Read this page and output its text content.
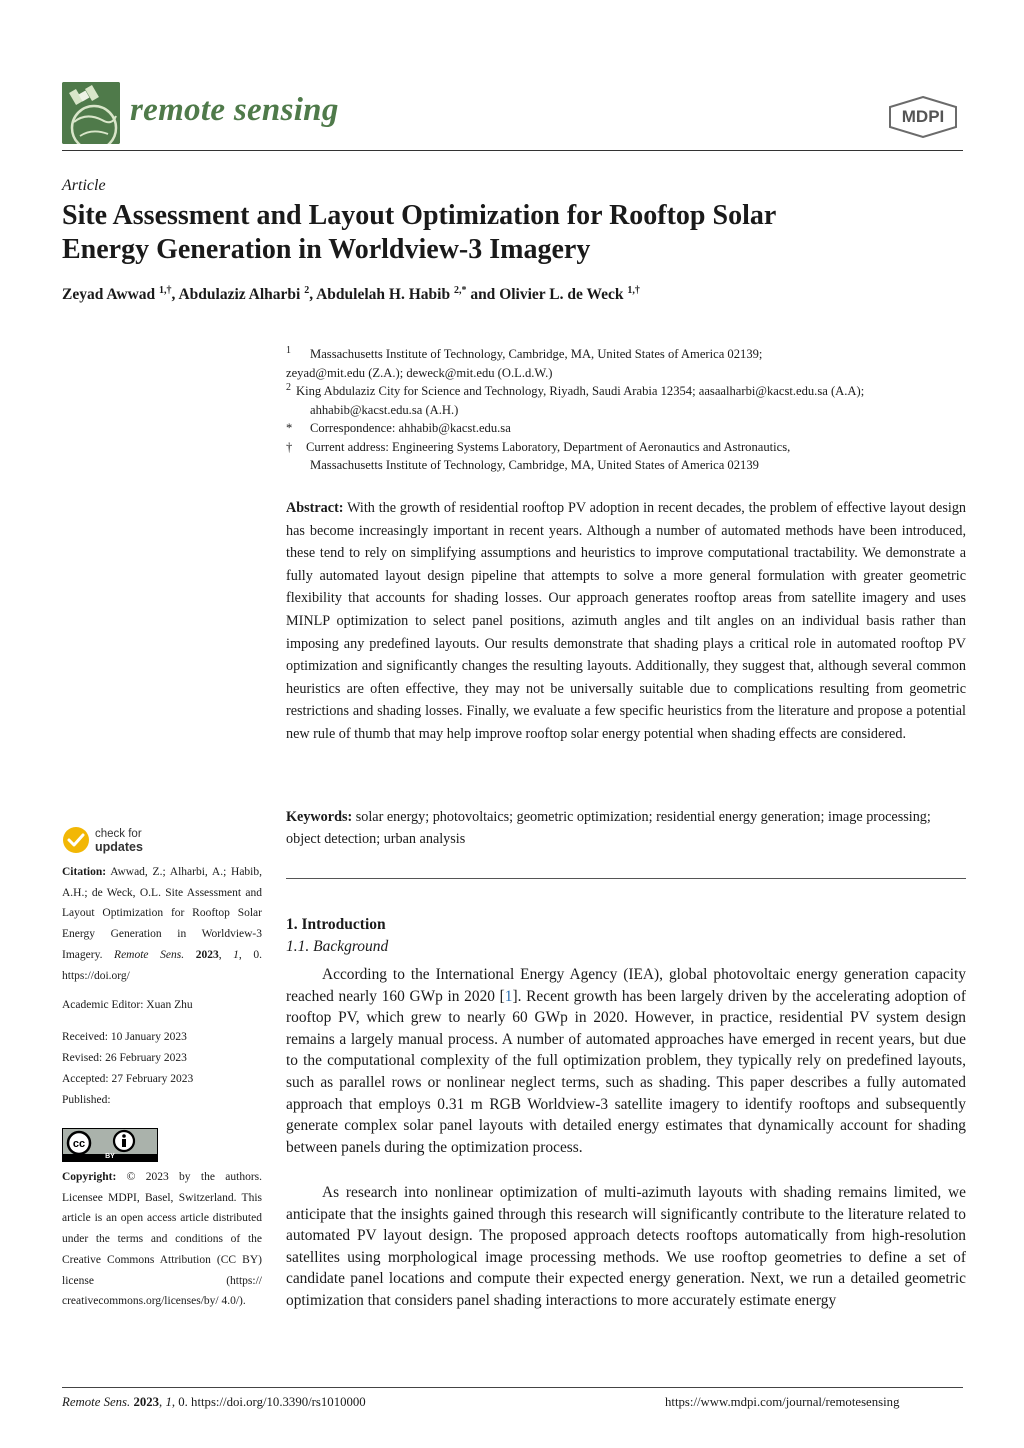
remote sensing	MDPI
Article
Site Assessment and Layout Optimization for Rooftop Solar
Energy Generation in Worldview-3 Imagery
Zeyad Awwad $^{1,\dagger}$, Abdulaziz Alharbi $^2$, Abdulelah H. Habib $^{2,*}$ and Olivier L. de Weck $^{1,\dagger}$
1 Massachusetts Institute of Technology, Cambridge, MA, United States of America 02139;
zeyad@mit.edu (Z.A.); deweck@mit.edu (O.L.d.W.)
2 King Abdulaziz City for Science and Technology, Riyadh, Saudi Arabia 12354; aasaalharbi@kacst.edu.sa (A.A);
ahhabib@kacst.edu.sa (A.H.)
* Correspondence: ahhabib@kacst.edu.sa
† Current address: Engineering Systems Laboratory, Department of Aeronautics and Astronautics,
Massachusetts Institute of Technology, Cambridge, MA, United States of America 02139
Abstract: With the growth of residential rooftop PV adoption in recent decades, the problem of effective layout design has become increasingly important in recent years. Although a number of automated methods have been introduced, these tend to rely on simplifying assumptions and heuristics to improve computational tractability. We demonstrate a fully automated layout design pipeline that attempts to solve a more general formulation with greater geometric flexibility that accounts for shading losses. Our approach generates rooftop areas from satellite imagery and uses MINLP optimization to select panel positions, azimuth angles and tilt angles on an individual basis rather than imposing any predefined layouts. Our results demonstrate that shading plays a critical role in automated rooftop PV optimization and significantly changes the resulting layouts. Additionally, they suggest that, although several common heuristics are often effective, they may not be universally suitable due to complications resulting from geometric restrictions and shading losses. Finally, we evaluate a few specific heuristics from the literature and propose a potential new rule of thumb that may help improve rooftop solar energy potential when shading effects are considered.
Keywords: solar energy; photovoltaics; geometric optimization; residential energy generation; image processing; object detection; urban analysis
1. Introduction
1.1. Background
According to the International Energy Agency (IEA), global photovoltaic energy generation capacity reached nearly 160 GWp in 2020 [1]. Recent growth has been largely driven by the accelerating adoption of rooftop PV, which grew to nearly 60 GWp in 2020. However, in practice, residential PV system design remains a largely manual process. A number of automated approaches have emerged in recent years, but due to the computational complexity of the full optimization problem, they typically rely on predefined layouts, such as parallel rows or nonlinear neglect terms, such as shading. This paper describes a fully automated approach that employs 0.31 m RGB Worldview-3 satellite imagery to identify rooftops and subsequently generate complex solar panel layouts with detailed energy estimates that dynamically account for shading between panels during the optimization process.
As research into nonlinear optimization of multi-azimuth layouts with shading remains limited, we anticipate that the insights gained through this research will significantly contribute to the literature related to automated PV layout design. The proposed approach detects rooftops automatically from high-resolution satellites using morphological image processing methods. We use rooftop geometries to define a set of candidate panel locations and compute their expected energy generation. Next, we run a detailed geometric optimization that considers panel shading interactions to more accurately estimate energy
check for
updates
Citation: Awwad, Z.; Alharbi, A.; Habib, A.H.; de Weck, O.L. Site Assessment and Layout Optimization for Rooftop Solar Energy Generation in Worldview-3 Imagery. Remote Sens. 2023, 1, 0. https://doi.org/
Academic Editor: Xuan Zhu
Received: 10 January 2023
Revised: 26 February 2023
Accepted: 27 February 2023
Published:
cc
BY
Copyright: © 2023 by the authors. Licensee MDPI, Basel, Switzerland. This article is an open access article distributed under the terms and conditions of the Creative Commons Attribution (CC BY) license (https:// creativecommons.org/licenses/by/ 4.0/).
Remote Sens. 2023, 1, 0. https://doi.org/10.3390/rs1010000	https://www.mdpi.com/journal/remotesensing
